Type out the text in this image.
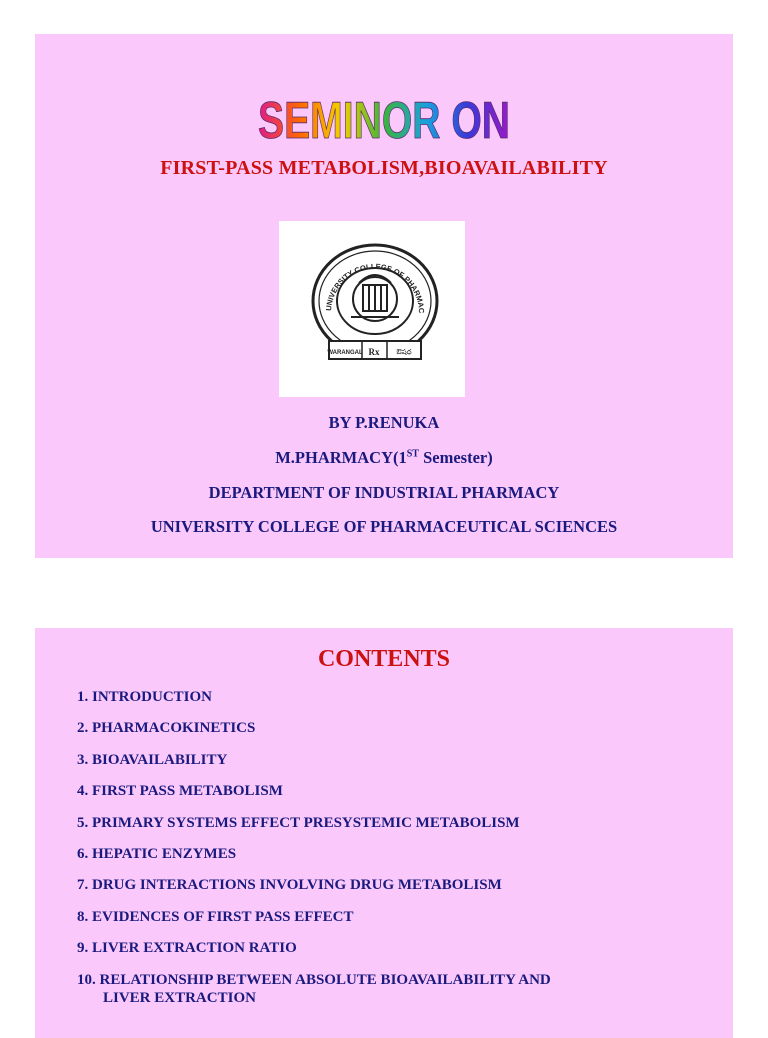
SEMINOR ON
FIRST-PASS METABOLISM,BIOAVAILABILITY
UNIVERSITY COLLEGE OF PHARMAC
WARANGAL Rx ఔషధ
BY P.RENUKA
M.PHARMACY(1ST Semester)
DEPARTMENT OF INDUSTRIAL PHARMACY
UNIVERSITY COLLEGE OF PHARMACEUTICAL SCIENCES
CONTENTS
1. INTRODUCTION
2. PHARMACOKINETICS
3. BIOAVAILABILITY
4. FIRST PASS METABOLISM
5. PRIMARY SYSTEMS EFFECT PRESYSTEMIC METABOLISM
6. HEPATIC ENZYMES
7. DRUG INTERACTIONS INVOLVING DRUG METABOLISM
8. EVIDENCES OF FIRST PASS EFFECT
9. LIVER EXTRACTION RATIO
10. RELATIONSHIP BETWEEN ABSOLUTE BIOAVAILABILITY AND
LIVER EXTRACTION
